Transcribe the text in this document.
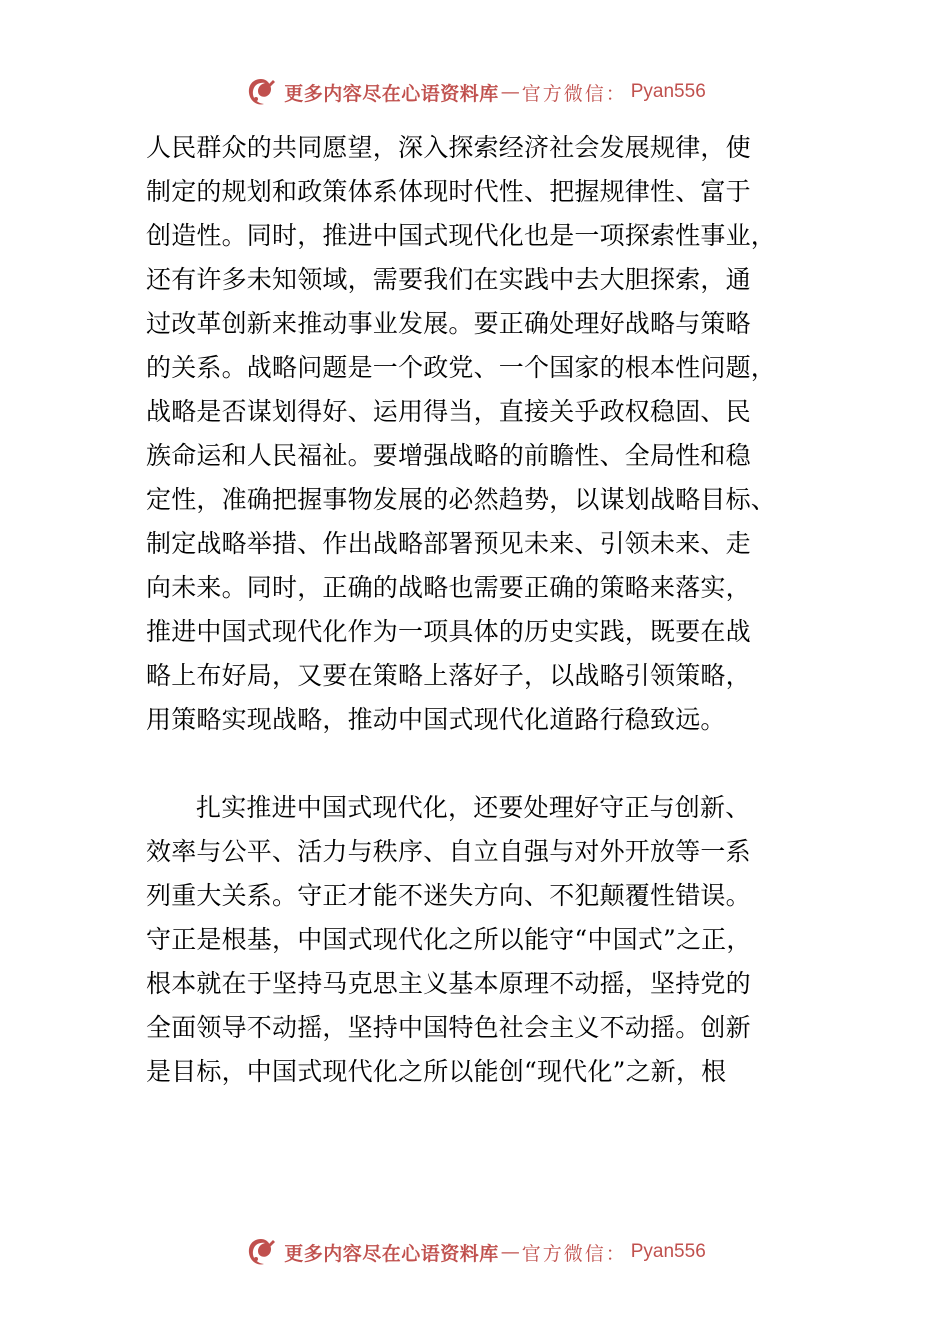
更多内容尽在心语资料库 — 官方微信： Pyan556
人民群众的共同愿望，深入探索经济社会发展规律，使
制定的规划和政策体系体现时代性、把握规律性、富于
创造性。同时，推进中国式现代化也是一项探索性事业，
还有许多未知领域，需要我们在实践中去大胆探索，通
过改革创新来推动事业发展。要正确处理好战略与策略
的关系。战略问题是一个政党、一个国家的根本性问题，
战略是否谋划得好、运用得当，直接关乎政权稳固、民
族命运和人民福祉。要增强战略的前瞻性、全局性和稳
定性，准确把握事物发展的必然趋势，以谋划战略目标、
制定战略举措、作出战略部署预见未来、引领未来、走
向未来。同时，正确的战略也需要正确的策略来落实，
推进中国式现代化作为一项具体的历史实践，既要在战
略上布好局，又要在策略上落好子，以战略引领策略，
用策略实现战略，推动中国式现代化道路行稳致远。
扎实推进中国式现代化，还要处理好守正与创新、
效率与公平、活力与秩序、自立自强与对外开放等一系
列重大关系。守正才能不迷失方向、不犯颠覆性错误。
守正是根基，中国式现代化之所以能守“中国式”之正，
根本就在于坚持马克思主义基本原理不动摇，坚持党的
全面领导不动摇，坚持中国特色社会主义不动摇。创新
是目标，中国式现代化之所以能创“现代化”之新，根
更多内容尽在心语资料库 — 官方微信： Pyan556
